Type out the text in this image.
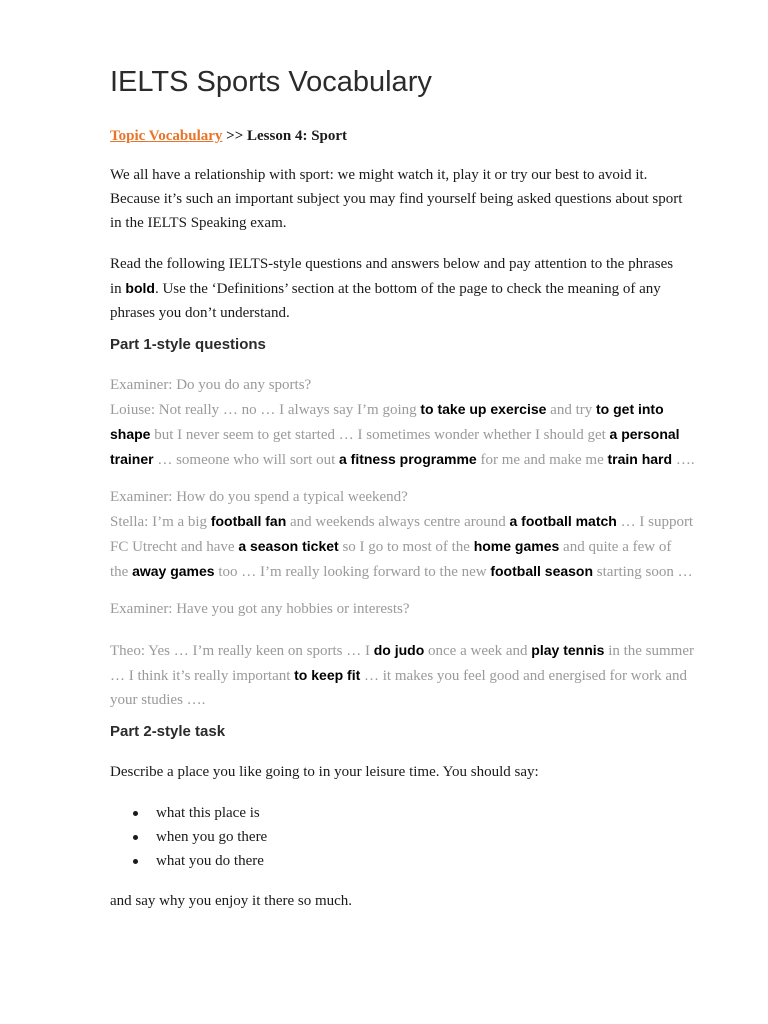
IELTS Sports Vocabulary
Topic Vocabulary >> Lesson 4: Sport

We all have a relationship with sport: we might watch it, play it or try our best to avoid it.
Because it’s such an important subject you may find yourself being asked questions about sport
in the IELTS Speaking exam.

Read the following IELTS-style questions and answers below and pay attention to the phrases
in bold. Use the ‘Definitions’ section at the bottom of the page to check the meaning of any
phrases you don’t understand.

Part 1-style questions

Examiner: Do you do any sports?
Loiuse: Not really … no … I always say I’m going to take up exercise and try to get into
shape but I never seem to get started … I sometimes wonder whether I should get a personal
trainer … someone who will sort out a fitness programme for me and make me train hard ….

Examiner: How do you spend a typical weekend?
Stella: I’m a big football fan and weekends always centre around a football match … I support
FC Utrecht and have a season ticket so I go to most of the home games and quite a few of
the away games too … I’m really looking forward to the new football season starting soon …

Examiner: Have you got any hobbies or interests?

Theo: Yes … I’m really keen on sports … I do judo once a week and play tennis in the summer
… I think it’s really important to keep fit … it makes you feel good and energised for work and
your studies ….

Part 2-style task

Describe a place you like going to in your leisure time. You should say:

what this place is
when you go there
what you do there

and say why you enjoy it there so much.
